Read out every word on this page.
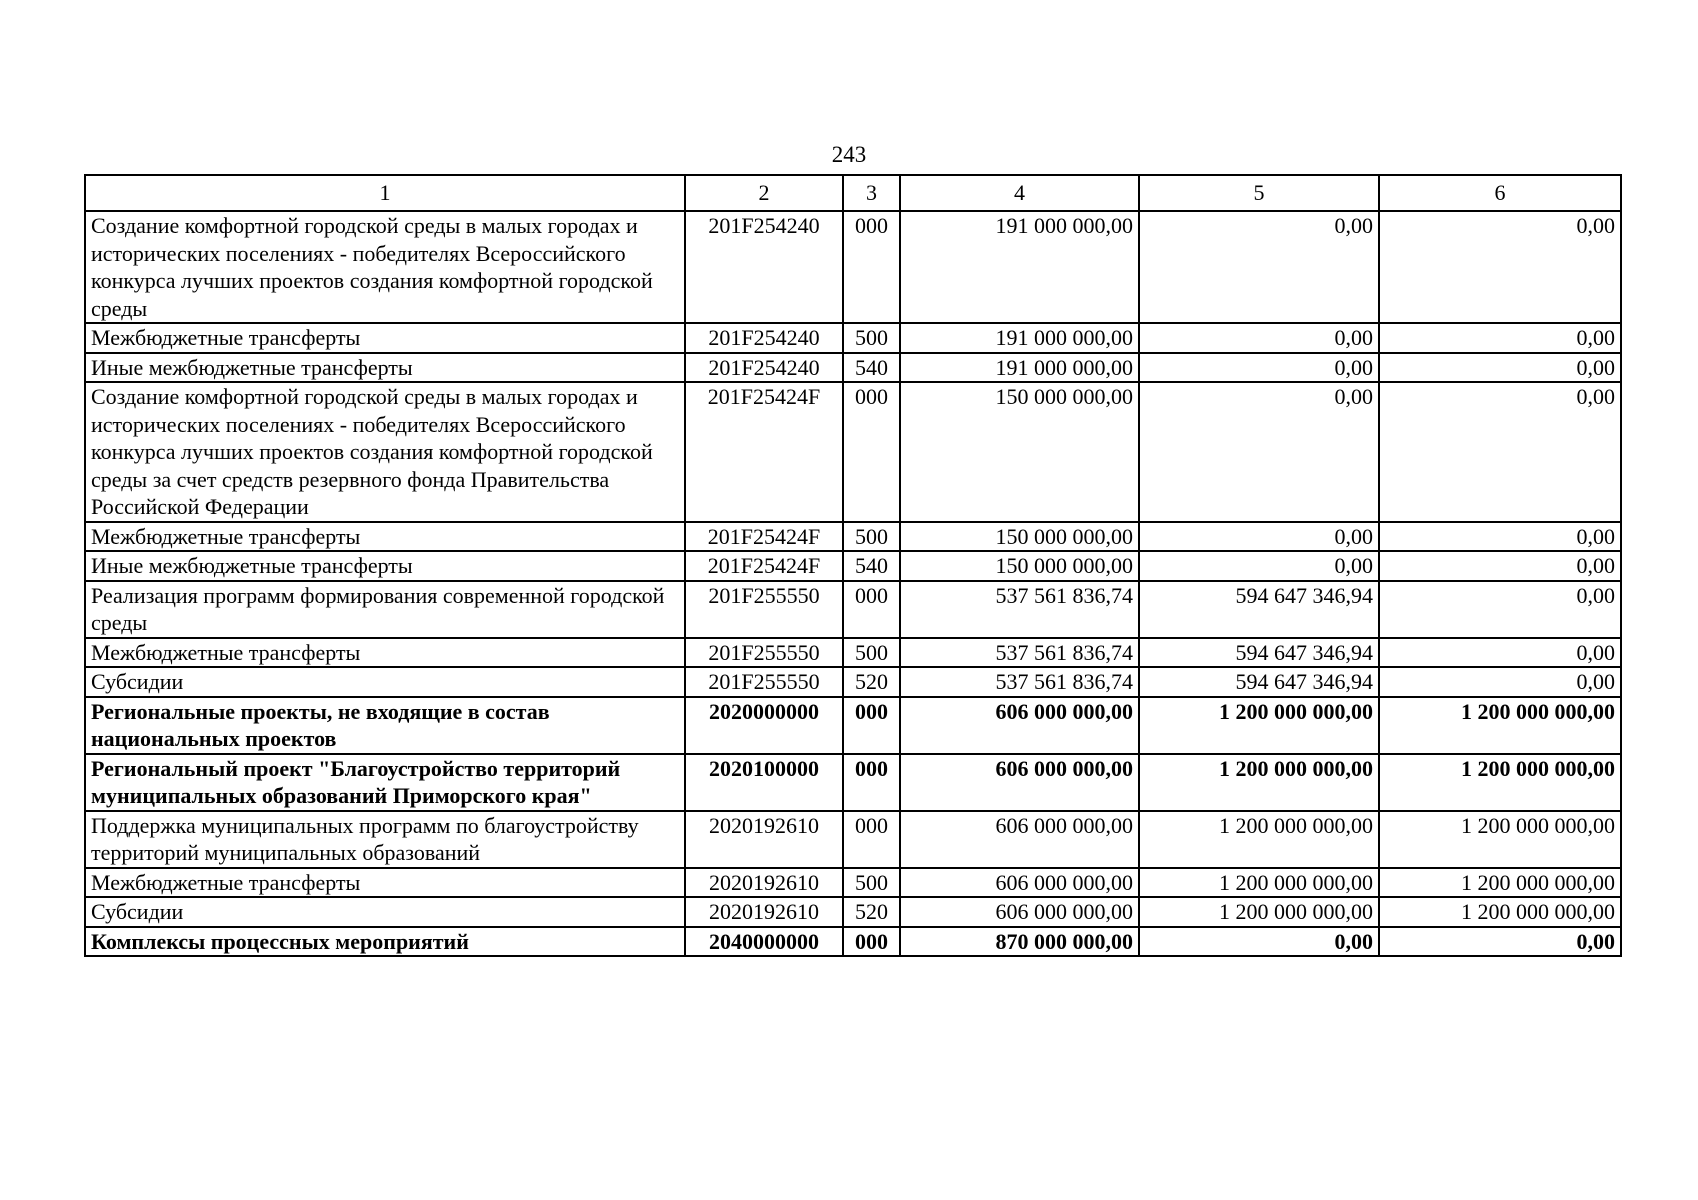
243
1	2	3	4	5	6
Создание комфортной городской среды в малых городах и исторических поселениях - победителях Всероссийского конкурса лучших проектов создания комфортной городской среды	201F254240	000	191 000 000,00	0,00	0,00
Межбюджетные трансферты	201F254240	500	191 000 000,00	0,00	0,00
Иные межбюджетные трансферты	201F254240	540	191 000 000,00	0,00	0,00
Создание комфортной городской среды в малых городах и исторических поселениях - победителях Всероссийского конкурса лучших проектов создания комфортной городской среды за счет средств резервного фонда Правительства Российской Федерации	201F25424F	000	150 000 000,00	0,00	0,00
Межбюджетные трансферты	201F25424F	500	150 000 000,00	0,00	0,00
Иные межбюджетные трансферты	201F25424F	540	150 000 000,00	0,00	0,00
Реализация программ формирования современной городской среды	201F255550	000	537 561 836,74	594 647 346,94	0,00
Межбюджетные трансферты	201F255550	500	537 561 836,74	594 647 346,94	0,00
Субсидии	201F255550	520	537 561 836,74	594 647 346,94	0,00
Региональные проекты, не входящие в состав национальных проектов	2020000000	000	606 000 000,00	1 200 000 000,00	1 200 000 000,00
Региональный проект "Благоустройство территорий муниципальных образований Приморского края"	2020100000	000	606 000 000,00	1 200 000 000,00	1 200 000 000,00
Поддержка муниципальных программ по благоустройству территорий муниципальных образований	2020192610	000	606 000 000,00	1 200 000 000,00	1 200 000 000,00
Межбюджетные трансферты	2020192610	500	606 000 000,00	1 200 000 000,00	1 200 000 000,00
Субсидии	2020192610	520	606 000 000,00	1 200 000 000,00	1 200 000 000,00
Комплексы процессных мероприятий	2040000000	000	870 000 000,00	0,00	0,00
